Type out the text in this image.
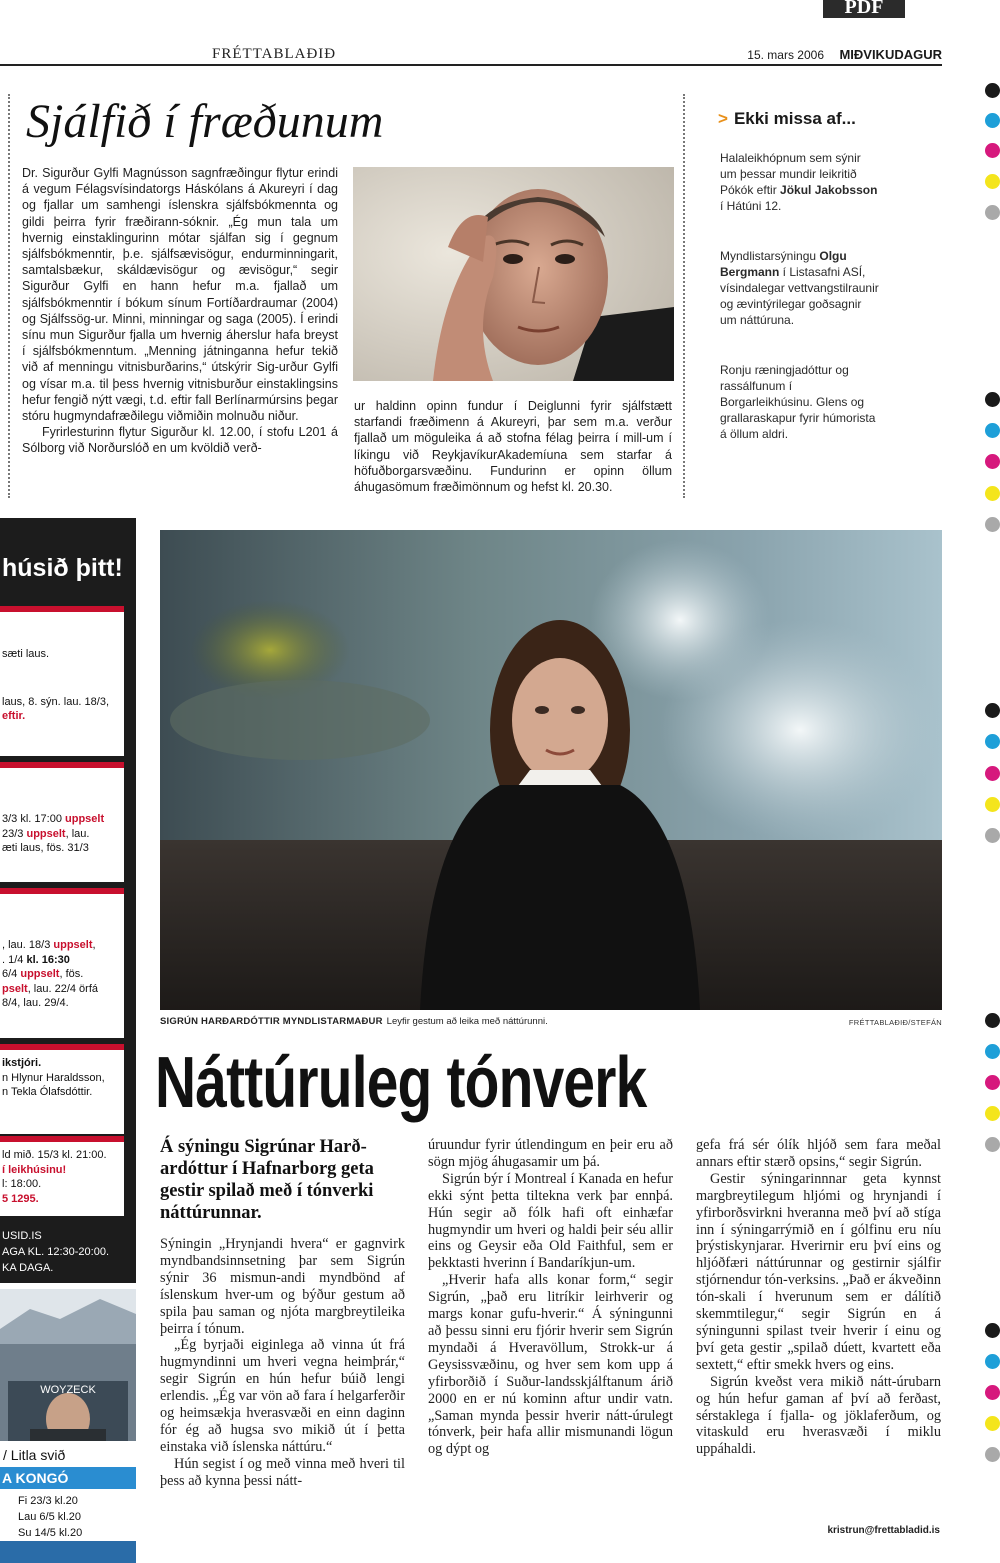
PDF
FRÉTTABLAÐIÐ	15. mars 2006 MIÐVIKUDAGUR
Sjálfið í fræðunum

Dr. Sigurður Gylfi Magnússon sagnfræðingur flytur erindi á vegum Félagsvísindatorgs Háskólans á Akureyri í dag og fjallar um samhengi íslenskra sjálfsbókmennta og gildi þeirra fyrir fræðirann-sóknir. „Ég mun tala um hvernig einstaklingurinn mótar sjálfan sig í gegnum sjálfsbókmenntir, þ.e. sjálfsævisögur, endurminningarit, samtalsbækur, skáldævisögur og ævisögur,“ segir Sigurður Gylfi en hann hefur m.a. fjallað um sjálfsbókmenntir í bókum sínum Fortíðardraumar (2004) og Sjálfssög-ur. Minni, minningar og saga (2005). Í erindi sínu mun Sigurður fjalla um hvernig áherslur hafa breyst í sjálfsbókmenntum. „Menning játninganna hefur tekið við af menningu vitnisburðarins,“ útskýrir Sig-urður Gylfi og vísar m.a. til þess hvernig vitnisburður einstaklingsins hefur fengið nýtt vægi, t.d. eftir fall Berlínarmúrsins þegar stóru hugmyndafræðilegu viðmiðin molnuðu niður.

Fyrirlesturinn flytur Sigurður kl. 12.00, í stofu L201 á Sólborg við Norðurslóð en um kvöldið verð-

ur haldinn opinn fundur í Deiglunni fyrir sjálfstætt starfandi fræðimenn á Akureyri, þar sem m.a. verður fjallað um möguleika á að stofna félag þeirra í mill-um í líkingu við ReykjavíkurAkademíuna sem starfar á höfuðborgarsvæðinu. Fundurinn er opinn öllum áhugasömum fræðimönnum og hefst kl. 20.30.

> Ekki missa af...
Halaleikhópnum sem sýnir um þessar mundir leikritið Pókók eftir Jökul Jakobsson í Hátúni 12.
Myndlistarsýningu Olgu Bergmann í Listasafni ASÍ, vísindalegar vettvangstilraunir og ævintýrilegar goðsagnir um náttúruna.
Ronju ræningjadóttur og rassálfunum í Borgarleikhúsinu. Glens og grallaraskapur fyrir húmorista á öllum aldri.
húsið þitt!
sæti laus.
laus, 8. sýn. lau. 18/3,
eftir.
3/3 kl. 17:00 uppselt
23/3 uppselt, lau.
æti laus, fös. 31/3
, lau. 18/3 uppselt,
. 1/4 kl. 16:30
6/4 uppselt, fös.
pselt, lau. 22/4 örfá
8/4, lau. 29/4.
ikstjóri.
n Hlynur Haraldsson,
n Tekla Ólafsdóttir.
ld mið. 15/3 kl. 21:00.
í leikhúsinu!
l: 18:00.
5 1295.
USID.IS
AGA KL. 12:30-20:00.
KA DAGA.
WOYZECK
/ Litla svið
A KONGÓ
Fi 23/3 kl.20
Lau 6/5 kl.20
Su 14/5 kl.20
SIGRÚN HARÐARDÓTTIR MYNDLISTARMAÐUR Leyfir gestum að leika með náttúrunni.	FRÉTTABLAÐIÐ/STEFÁN
Náttúruleg tónverk
Á sýningu Sigrúnar Harð-ardóttur í Hafnarborg geta gestir spilað með í tónverki náttúrunnar.

Sýningin „Hrynjandi hvera“ er gagnvirk myndbandsinnsetning þar sem Sigrún sýnir 36 mismun-andi myndbönd af íslenskum hver-um og býður gestum að spila þau saman og njóta margbreytileika þeirra í tónum.

„Ég byrjaði eiginlega að vinna út frá hugmyndinni um hveri vegna heimþrár,“ segir Sigrún en hún hefur búið lengi erlendis. „Ég var vön að fara í helgarferðir og heimsækja hverasvæði en einn daginn fór ég að hugsa svo mikið út í þetta einstaka við íslenska náttúru.“

Hún segist í og með vinna með hveri til þess að kynna þessi nátt-

úruundur fyrir útlendingum en þeir eru að sögn mjög áhugasamir um þá.

Sigrún býr í Montreal í Kanada en hefur ekki sýnt þetta tiltekna verk þar ennþá. Hún segir að fólk hafi oft einhæfar hugmyndir um hveri og haldi þeir séu allir eins og Geysir eða Old Faithful, sem er þekktasti hverinn í Bandaríkjun-um.

„Hverir hafa alls konar form,“ segir Sigrún, „það eru litríkir leirhverir og margs konar gufu-hverir.“ Á sýningunni að þessu sinni eru fjórir hverir sem Sigrún myndaði á Hveravöllum, Strokk-ur á Geysissvæðinu, og hver sem kom upp á yfirborðið í Suður-landsskjálftanum árið 2000 en er nú kominn aftur undir vatn. „Saman mynda þessir hverir nátt-úrulegt tónverk, þeir hafa allir mismunandi lögun og dýpt og

gefa frá sér ólík hljóð sem fara meðal annars eftir stærð opsins,“ segir Sigrún.

Gestir sýningarinnnar geta kynnst margbreytilegum hljómi og hrynjandi í yfirborðsvirkni hveranna með því að stíga inn í sýningarrýmið en í gólfinu eru níu þrýstiskynjarar. Hverirnir eru því eins og hljóðfæri náttúrunnar og gestirnir sjálfir stjórnendur tón-verksins. „Það er ákveðinn tón-skali í hverunum sem er dálítið skemmtilegur,“ segir Sigrún en á sýningunni spilast tveir hverir í einu og því geta gestir „spilað dúett, kvartett eða sextett,“ eftir smekk hvers og eins.

Sigrún kveðst vera mikið nátt-úrubarn og hún hefur gaman af því að ferðast, sérstaklega í fjalla- og jöklaferðum, og vitaskuld eru hverasvæði í miklu uppáhaldi.

kristrun@frettabladid.is
